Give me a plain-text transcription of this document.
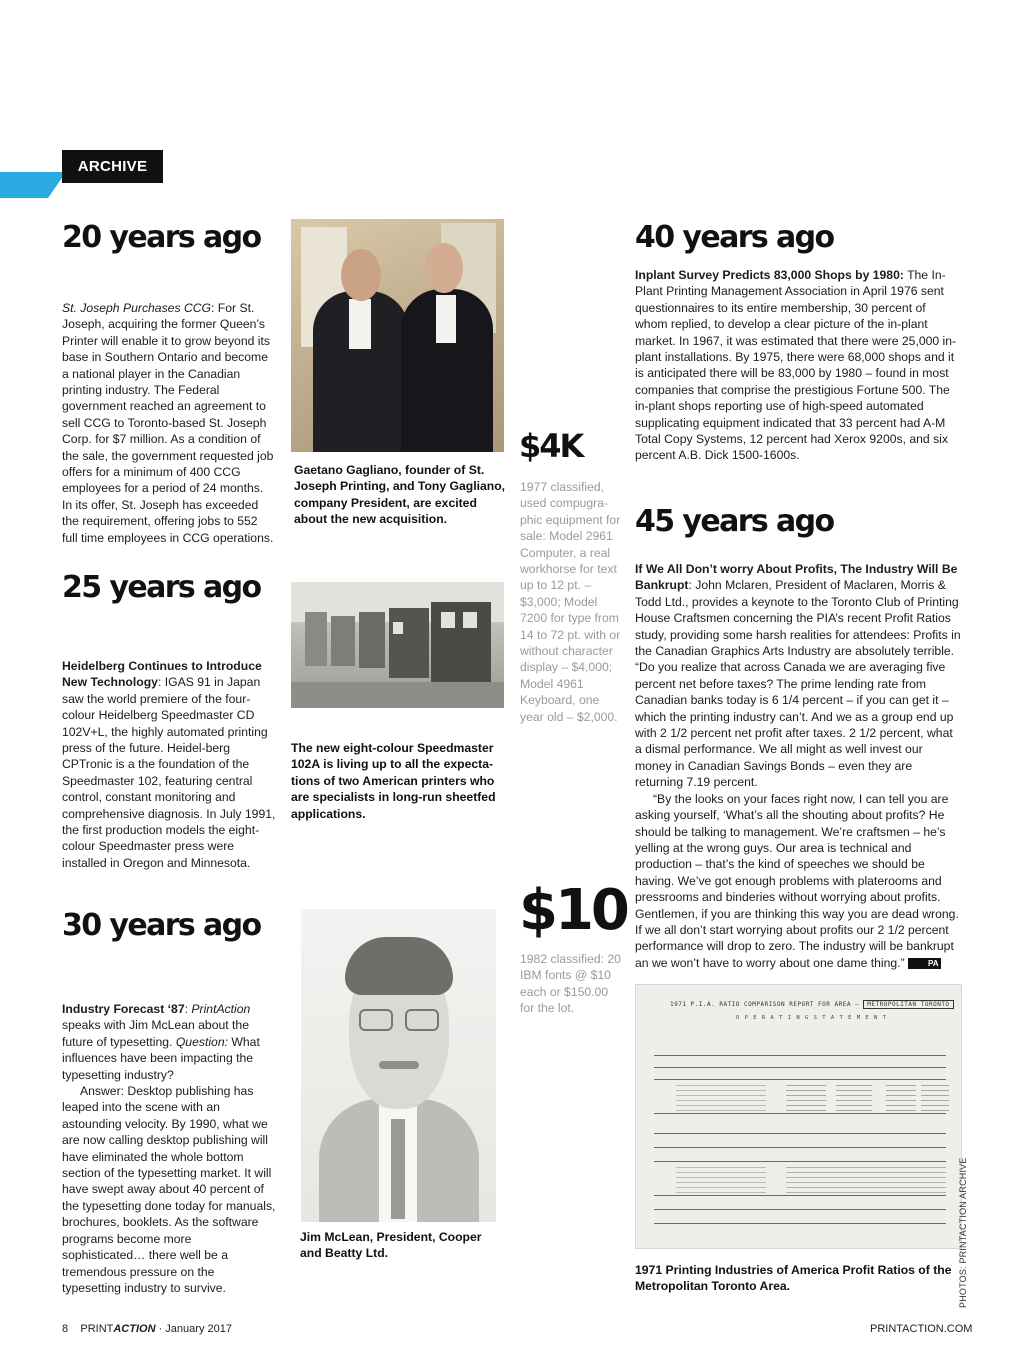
ARCHIVE
20 years ago
St. Joseph Purchases CCG: For St. Joseph, acquiring the former Queen’s Printer will enable it to grow beyond its base in Southern Ontario and become a national player in the Canadian printing industry. The Federal government reached an agreement to sell CCG to Toronto-based St. Joseph Corp. for $7 million. As a condition of the sale, the government requested job offers for a minimum of 400 CCG employees for a period of 24 months. In its offer, St. Joseph has exceeded the requirement, offering jobs to 552 full time employees in CCG operations.
25 years ago
Heidelberg Continues to Introduce New Technology: IGAS 91 in Japan saw the world premiere of the four-colour Heidelberg Speedmaster CD 102V+L, the highly automated printing press of the future. Heidel-berg CPTronic is a the foundation of the Speedmaster 102, featuring central control, constant monitoring and comprehensive diagnosis. In July 1991, the first production models the eight-colour Speedmaster press were installed in Oregon and Minnesota.
30 years ago
Industry Forecast ‘87: PrintAction speaks with Jim McLean about the future of typesetting. Question: What influences have been impacting the typesetting industry?
Answer: Desktop publishing has leaped into the scene with an astounding velocity. By 1990, what we are now calling desktop publishing will have eliminated the whole bottom section of the typesetting market. It will have swept away about 40 percent of the typesetting done today for manuals, brochures, booklets. As the software programs become more sophisticated… there well be a tremendous pressure on the typesetting industry to survive.
Gaetano Gagliano, founder of St. Joseph Printing, and Tony Gagliano, company President, are excited about the new acquisition.
The new eight-colour Speedmaster 102A is living up to all the expecta-tions of two American printers who are specialists in long-run sheetfed applications.
Jim McLean, President, Cooper and Beatty Ltd.
$4K
1977 classified, used compugra-phic equipment for sale: Model 2961 Computer, a real workhorse for text up to 12 pt. – $3,000; Model 7200 for type from 14 to 72 pt. with or without character display – $4,000; Model 4961 Keyboard, one year old – $2,000.
$10
1982 classified: 20 IBM fonts @ $10 each or $150.00 for the lot.
40 years ago
Inplant Survey Predicts 83,000 Shops by 1980: The In-Plant Printing Management Association in April 1976 sent questionnaires to its entire membership, 30 percent of whom replied, to develop a clear picture of the in-plant market. In 1967, it was estimated that there were 25,000 in-plant installations. By 1975, there were 68,000 shops and it is anticipated there will be 83,000 by 1980 – found in most companies that comprise the prestigious Fortune 500. The in-plant shops reporting use of high-speed automated supplicating equipment indicated that 33 percent had A-M Total Copy Systems, 12 percent had Xerox 9200s, and six percent A.B. Dick 1500-1600s.
45 years ago
If We All Don’t worry About Profits, The Industry Will Be Bankrupt: John Mclaren, President of Maclaren, Morris & Todd Ltd., provides a keynote to the Toronto Club of Printing House Craftsmen concerning the PIA’s recent Profit Ratios study, providing some harsh realities for attendees: Profits in the Canadian Graphics Arts Industry are absolutely terrible. “Do you realize that across Canada we are averaging five percent net before taxes? The prime lending rate from Canadian banks today is 6 1/4 percent – if you can get it – which the printing industry can’t. And we as a group end up with 2 1/2 percent net profit after taxes. 2 1/2 percent, what a dismal performance. We all might as well invest our money in Canadian Savings Bonds – even they are returning 7.19 percent.
“By the looks on your faces right now, I can tell you are asking yourself, ‘What’s all the shouting about profits? He should be talking to management. We’re craftsmen – he’s yelling at the wrong guys. Our area is technical and production – that’s the kind of speeches we should be having. We’ve got enough problems with platerooms and pressrooms and binderies without worrying about profits. Gentlemen, if you are thinking this way you are dead wrong. If we all don’t start worrying about profits our 2 1/2 percent performance will drop to zero. The industry will be bankrupt an we won’t have to worry about one dame thing.”	PA
1971 P.I.A. RATIO COMPARISON REPORT FOR AREA – METROPOLITAN TORONTO
O P E R A T I N G S T A T E M E N T
1971 Printing Industries of America Profit Ratios of the Metropolitan Toronto Area.	PHOTOS: PRINTACTION ARCHIVE
8 PRINTACTION · January 2017	PRINTACTION.COM
